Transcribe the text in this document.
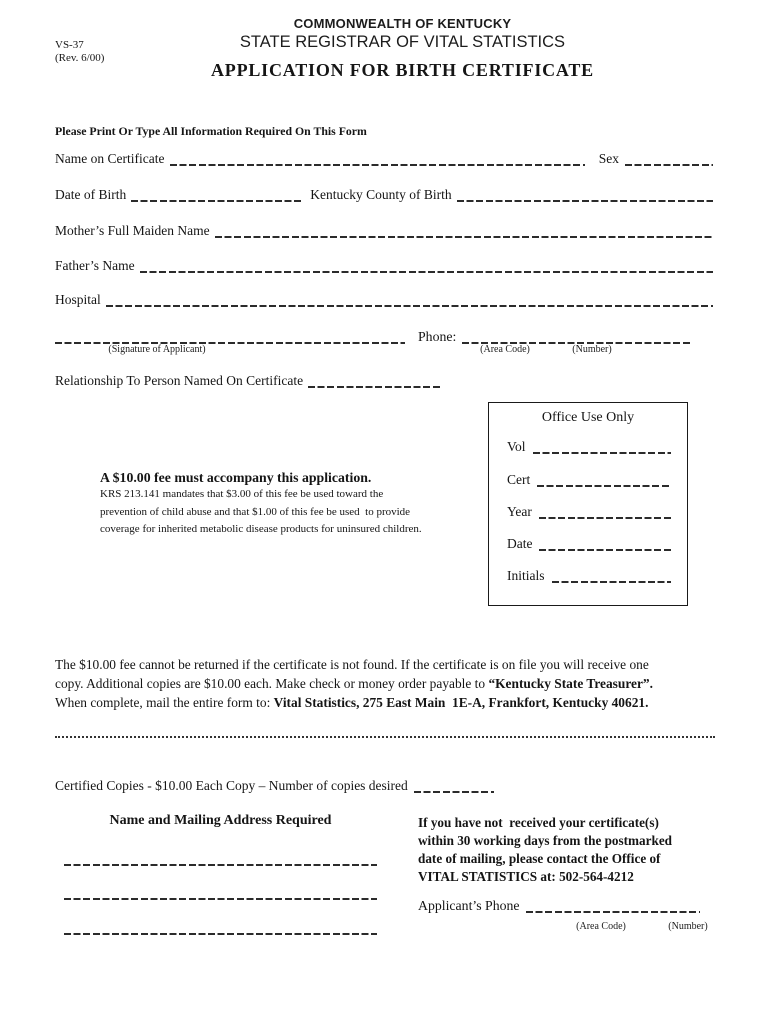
VS-37
(Rev. 6/00)
COMMONWEALTH OF KENTUCKY
STATE REGISTRAR OF VITAL STATISTICS
APPLICATION FOR BIRTH CERTIFICATE
Please Print Or Type All Information Required On This Form
Name on Certificate	Sex
Date of Birth	Kentucky County of Birth
Mother’s Full Maiden Name
Father’s Name
Hospital
Phone:
(Signature of Applicant)	(Area Code)	(Number)
Relationship To Person Named On Certificate
Office Use Only
Vol
Cert
Year
Date
Initials
A $10.00 fee must accompany this application.
KRS 213.141 mandates that $3.00 of this fee be used toward the
prevention of child abuse and that $1.00 of this fee be used  to provide
coverage for inherited metabolic disease products for uninsured children.
The $10.00 fee cannot be returned if the certificate is not found. If the certificate is on file you will receive one
copy. Additional copies are $10.00 each. Make check or money order payable to “Kentucky State Treasurer”.
When complete, mail the entire form to: Vital Statistics, 275 East Main  1E-A, Frankfort, Kentucky 40621.
Certified Copies - $10.00 Each Copy – Number of copies desired
Name and Mailing Address Required	If you have not  received your certificate(s)
within 30 working days from the postmarked
date of mailing, please contact the Office of
VITAL STATISTICS at: 502-564-4212
Applicant’s Phone
(Area Code)	(Number)
